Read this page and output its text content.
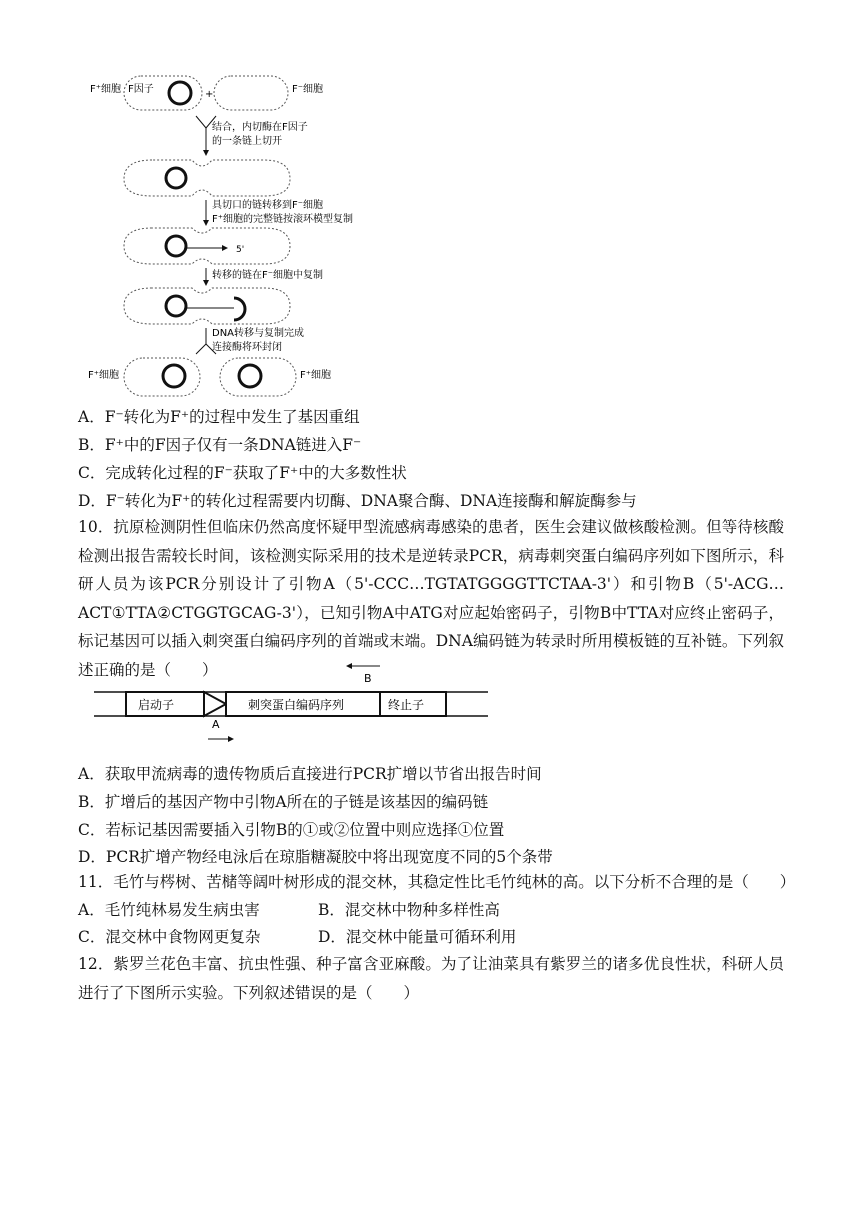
F⁺细胞 F因子	+	F⁻细胞
结合，内切酶在F因子
的一条链上切开
具切口的链转移到F⁻细胞
F⁺细胞的完整链按滚环模型复制
5'
转移的链在F⁻细胞中复制
DNA转移与复制完成
连接酶将环封闭
F⁺细胞	F⁺细胞
A．F⁻转化为F⁺的过程中发生了基因重组
B．F⁺中的F因子仅有一条DNA链进入F⁻
C．完成转化过程的F⁻获取了F⁺中的大多数性状
D．F⁻转化为F⁺的转化过程需要内切酶、DNA聚合酶、DNA连接酶和解旋酶参与
10．抗原检测阴性但临床仍然高度怀疑甲型流感病毒感染的患者，医生会建议做核酸检测。但等待核酸检测出报告需较长时间，该检测实际采用的技术是逆转录PCR，病毒刺突蛋白编码序列如下图所示，科研人员为该PCR分别设计了引物A（5'-CCC…TGTATGGGGTTCTAA-3'）和引物B（5'-ACG…ACT①TTA②CTGGTGCAG-3'），已知引物A中ATG对应起始密码子，引物B中TTA对应终止密码子，标记基因可以插入刺突蛋白编码序列的首端或末端。DNA编码链为转录时所用模板链的互补链。下列叙述正确的是（　　）
启动子	刺突蛋白编码序列	终止子
B
A
A．获取甲流病毒的遗传物质后直接进行PCR扩增以节省出报告时间
B．扩增后的基因产物中引物A所在的子链是该基因的编码链
C．若标记基因需要插入引物B的①或②位置中则应选择①位置
D．PCR扩增产物经电泳后在琼脂糖凝胶中将出现宽度不同的5个条带
11．毛竹与梣树、苦槠等阔叶树形成的混交林，其稳定性比毛竹纯林的高。以下分析不合理的是（　　）
A．毛竹纯林易发生病虫害	B．混交林中物种多样性高
C．混交林中食物网更复杂	D．混交林中能量可循环利用
12．紫罗兰花色丰富、抗虫性强、种子富含亚麻酸。为了让油菜具有紫罗兰的诸多优良性状，科研人员进行了下图所示实验。下列叙述错误的是（　　）
